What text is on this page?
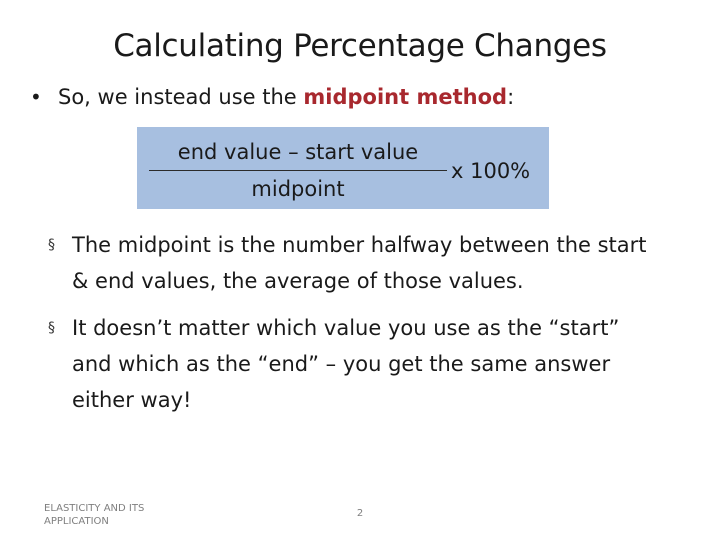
Calculating Percentage Changes
• So, we instead use the midpoint method:
end value – start value
midpoint
x 100%
§ The midpoint is the number halfway between the start & end values, the average of those values.
§ It doesn’t matter which value you use as the “start” and which as the “end” – you get the same answer either way!
ELASTICITY AND ITS APPLICATION
2
